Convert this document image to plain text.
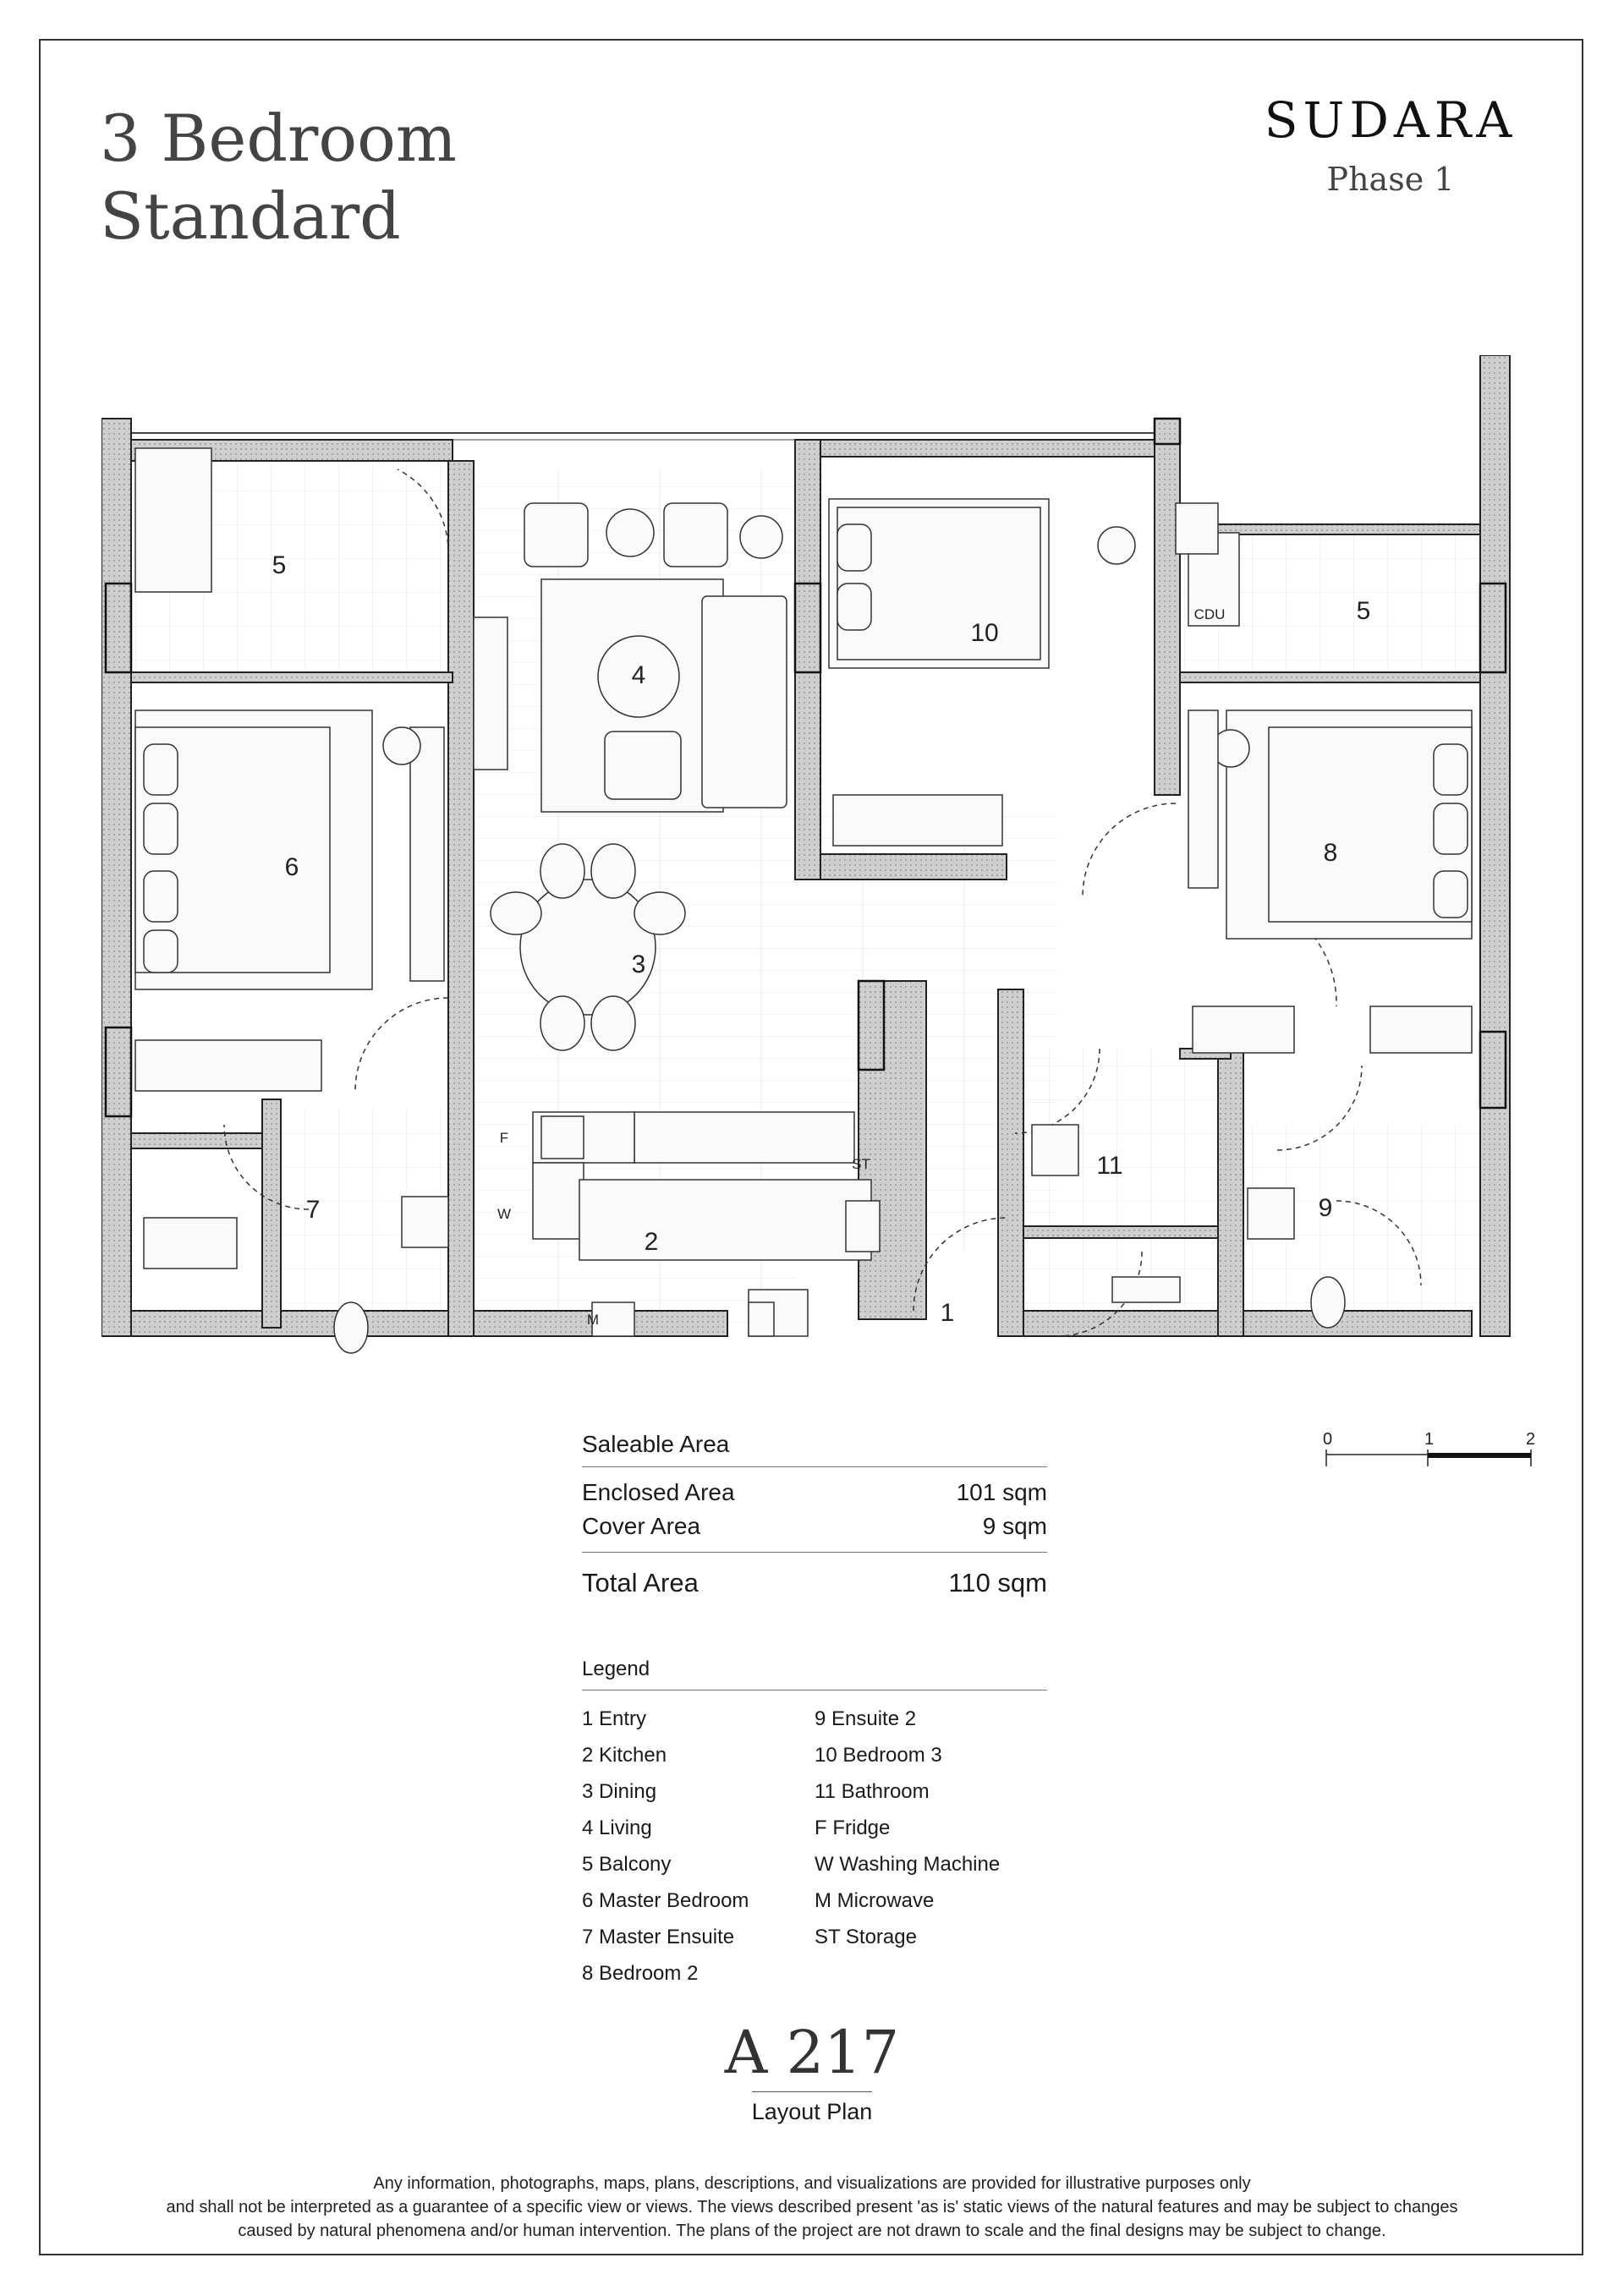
3 Bedroom
Standard
SUDARA
Phase 1
1
2
3
4
5
5
6
7
8
9
10
11
F
W
M
ST
CDU
Saleable Area
Enclosed Area	101 sqm
Cover Area	9 sqm
Total Area	110 sqm
Legend
1 Entry
2 Kitchen
3 Dining
4 Living
5 Balcony
6 Master Bedroom
7 Master Ensuite
8 Bedroom 2
9 Ensuite 2
10 Bedroom 3
11 Bathroom
F Fridge
W Washing Machine
M Microwave
ST Storage
0	1	2
A 217
Layout Plan
Any information, photographs, maps, plans, descriptions, and visualizations are provided for illustrative purposes only
and shall not be interpreted as a guarantee of a specific view or views. The views described present 'as is' static views of the natural features and may be subject to changes
caused by natural phenomena and/or human intervention. The plans of the project are not drawn to scale and the final designs may be subject to change.
